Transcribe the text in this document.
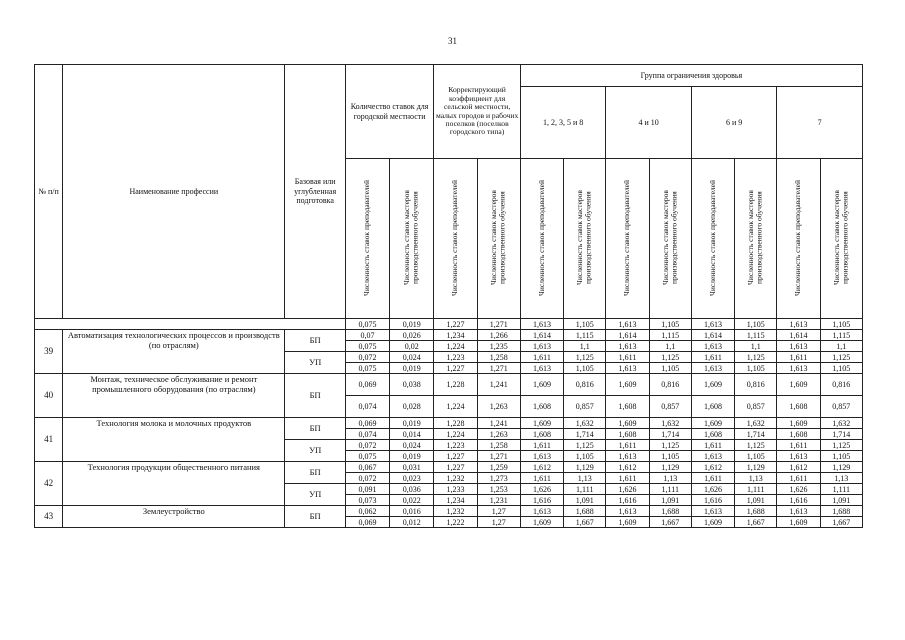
31
№ п/п	Наименование профессии	Базовая или углубленная подготовка	Количество ставок для городской местности		Корректирующий коэффициент для сельской местности, малых городов и рабочих поселков (поселков городского типа)		Группа ограничения здоровья							
							1, 2, 3, 5 и 8		4 и 10		6 и 9		7	
			Численность ставок преподавателей	Численность ставок мастеров производственного обучения	Численность ставок преподавателей	Численность ставок мастеров производственного обучения	Численность ставок преподавателей	Численность ставок мастеров производственного обучения	Численность ставок преподавателей	Численность ставок мастеров производственного обучения	Численность ставок преподавателей	Численность ставок мастеров производственного обучения	Численность ставок преподавателей	Численность ставок мастеров производственного обучения
			0,075	0,019	1,227	1,271	1,613	1,105	1,613	1,105	1,613	1,105	1,613	1,105
39	Автоматизация технологических процессов и производств (по отраслям)	БП	0,07	0,026	1,234	1,266	1,614	1,115	1,614	1,115	1,614	1,115	1,614	1,115
			0,075	0,02	1,224	1,235	1,613	1,1	1,613	1,1	1,613	1,1	1,613	1,1
		УП	0,072	0,024	1,223	1,258	1,611	1,125	1,611	1,125	1,611	1,125	1,611	1,125
			0,075	0,019	1,227	1,271	1,613	1,105	1,613	1,105	1,613	1,105	1,613	1,105
40	Монтаж, техническое обслуживание и ремонт промышленного оборудования (по отраслям)	БП	0,069	0,038	1,228	1,241	1,609	0,816	1,609	0,816	1,609	0,816	1,609	0,816
			0,074	0,028	1,224	1,263	1,608	0,857	1,608	0,857	1,608	0,857	1,608	0,857
41	Технология молока и молочных продуктов	БП	0,069	0,019	1,228	1,241	1,609	1,632	1,609	1,632	1,609	1,632	1,609	1,632
			0,074	0,014	1,224	1,263	1,608	1,714	1,608	1,714	1,608	1,714	1,608	1,714
		УП	0,072	0,024	1,223	1,258	1,611	1,125	1,611	1,125	1,611	1,125	1,611	1,125
			0,075	0,019	1,227	1,271	1,613	1,105	1,613	1,105	1,613	1,105	1,613	1,105
42	Технология продукции общественного питания	БП	0,067	0,031	1,227	1,259	1,612	1,129	1,612	1,129	1,612	1,129	1,612	1,129
			0,072	0,023	1,232	1,273	1,611	1,13	1,611	1,13	1,611	1,13	1,611	1,13
		УП	0,091	0,036	1,233	1,253	1,626	1,111	1,626	1,111	1,626	1,111	1,626	1,111
			0,073	0,022	1,234	1,231	1,616	1,091	1,616	1,091	1,616	1,091	1,616	1,091
43	Землеустройство	БП	0,062	0,016	1,232	1,27	1,613	1,688	1,613	1,688	1,613	1,688	1,613	1,688
			0,069	0,012	1,222	1,27	1,609	1,667	1,609	1,667	1,609	1,667	1,609	1,667
